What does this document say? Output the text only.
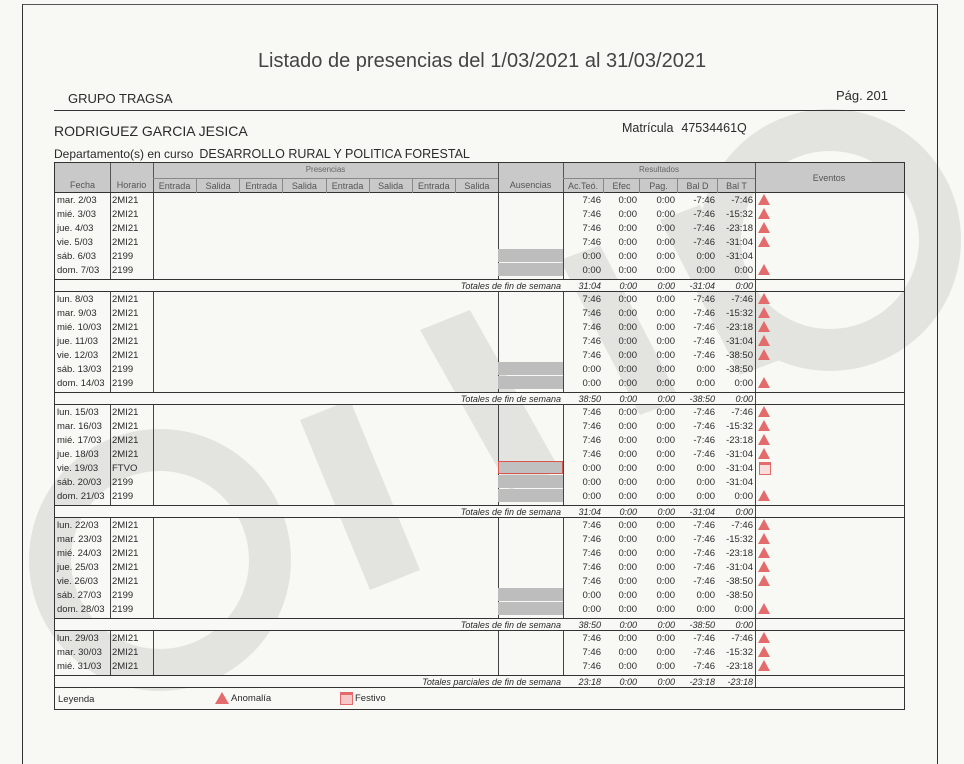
Listado de presencias del 1/03/2021 al 31/03/2021
GRUPO TRAGSA	Pág. 201
RODRIGUEZ GARCIA JESICA	Matrícula 47534461Q
Departamento(s) en curso DESARROLLO RURAL Y POLITICA FORESTAL
Fecha	Horario
Presencias
Entrada	Salida	Entrada	Salida	Entrada	Salida	Entrada	Salida	Ausencias
Resultados
Ac.Teó.	Efec	Pag.	Bal D	Bal T
Eventos
mar. 2/03 2MI21	7:46	0:00	0:00	-7:46	-7:46
mié. 3/03 2MI21	7:46	0:00	0:00	-7:46	-15:32
jue. 4/03 2MI21	7:46	0:00	0:00	-7:46	-23:18
vie. 5/03 2MI21	7:46	0:00	0:00	-7:46	-31:04
sáb. 6/03 2199	0:00	0:00	0:00	0:00	-31:04
dom. 7/03 2199	0:00	0:00	0:00	0:00	0:00
Totales de fin de semana	31:04	0:00	0:00	-31:04	0:00
lun. 8/03 2MI21	7:46	0:00	0:00	-7:46	-7:46
mar. 9/03 2MI21	7:46	0:00	0:00	-7:46	-15:32
mié. 10/03 2MI21	7:46	0:00	0:00	-7:46	-23:18
jue. 11/03 2MI21	7:46	0:00	0:00	-7:46	-31:04
vie. 12/03 2MI21	7:46	0:00	0:00	-7:46	-38:50
sáb. 13/03 2199	0:00	0:00	0:00	0:00	-38:50
dom. 14/03 2199	0:00	0:00	0:00	0:00	0:00
Totales de fin de semana	38:50	0:00	0:00	-38:50	0:00
lun. 15/03 2MI21	7:46	0:00	0:00	-7:46	-7:46
mar. 16/03 2MI21	7:46	0:00	0:00	-7:46	-15:32
mié. 17/03 2MI21	7:46	0:00	0:00	-7:46	-23:18
jue. 18/03 2MI21	7:46	0:00	0:00	-7:46	-31:04
vie. 19/03 FTVO	0:00	0:00	0:00	0:00	-31:04
sáb. 20/03 2199	0:00	0:00	0:00	0:00	-31:04
dom. 21/03 2199	0:00	0:00	0:00	0:00	0:00
Totales de fin de semana	31:04	0:00	0:00	-31:04	0:00
lun. 22/03 2MI21	7:46	0:00	0:00	-7:46	-7:46
mar. 23/03 2MI21	7:46	0:00	0:00	-7:46	-15:32
mié. 24/03 2MI21	7:46	0:00	0:00	-7:46	-23:18
jue. 25/03 2MI21	7:46	0:00	0:00	-7:46	-31:04
vie. 26/03 2MI21	7:46	0:00	0:00	-7:46	-38:50
sáb. 27/03 2199	0:00	0:00	0:00	0:00	-38:50
dom. 28/03 2199	0:00	0:00	0:00	0:00	0:00
Totales de fin de semana	38:50	0:00	0:00	-38:50	0:00
lun. 29/03 2MI21	7:46	0:00	0:00	-7:46	-7:46
mar. 30/03 2MI21	7:46	0:00	0:00	-7:46	-15:32
mié. 31/03 2MI21	7:46	0:00	0:00	-7:46	-23:18
Totales parciales de fin de semana	23:18	0:00	0:00	-23:18	-23:18
Leyenda	Anomalía	Festivo
